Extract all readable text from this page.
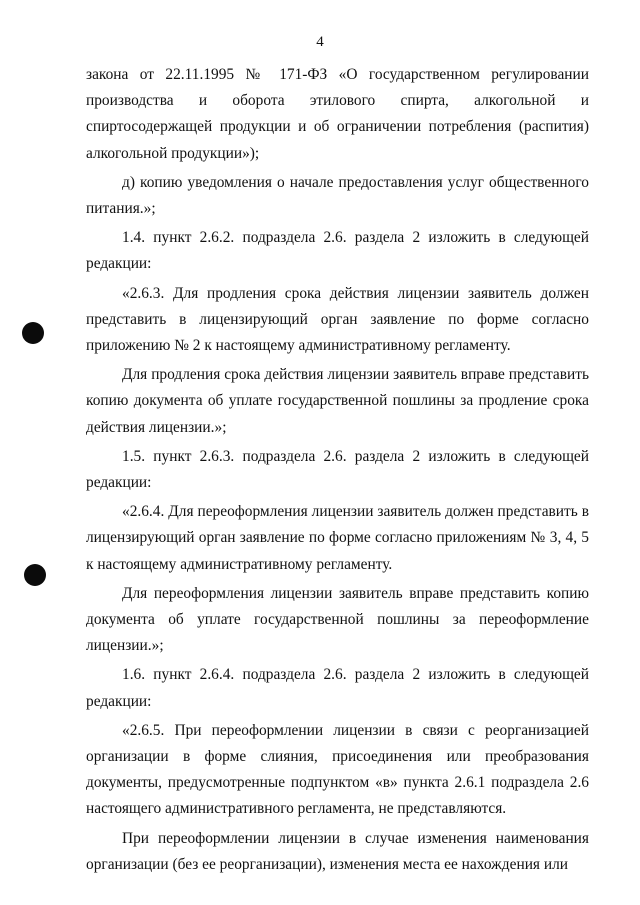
4

закона от 22.11.1995 № 171-ФЗ «О государственном регулировании производства и оборота этилового спирта, алкогольной и спиртосодержащей продукции и об ограничении потребления (распития) алкогольной продукции»);

д) копию уведомления о начале предоставления услуг общественного питания.»;

1.4. пункт 2.6.2. подраздела 2.6. раздела 2 изложить в следующей редакции:

«2.6.3. Для продления срока действия лицензии заявитель должен представить в лицензирующий орган заявление по форме согласно приложению № 2 к настоящему административному регламенту.

Для продления срока действия лицензии заявитель вправе представить копию документа об уплате государственной пошлины за продление срока действия лицензии.»;

1.5. пункт 2.6.3. подраздела 2.6. раздела 2 изложить в следующей редакции:

«2.6.4. Для переоформления лицензии заявитель должен представить в лицензирующий орган заявление по форме согласно приложениям № 3, 4, 5 к настоящему административному регламенту.

Для переоформления лицензии заявитель вправе представить копию документа об уплате государственной пошлины за переоформление лицензии.»;

1.6. пункт 2.6.4. подраздела 2.6. раздела 2 изложить в следующей редакции:

«2.6.5. При переоформлении лицензии в связи с реорганизацией организации в форме слияния, присоединения или преобразования документы, предусмотренные подпунктом «в» пункта 2.6.1 подраздела 2.6 настоящего административного регламента, не представляются.

При переоформлении лицензии в случае изменения наименования организации (без ее реорганизации), изменения места ее нахождения или
